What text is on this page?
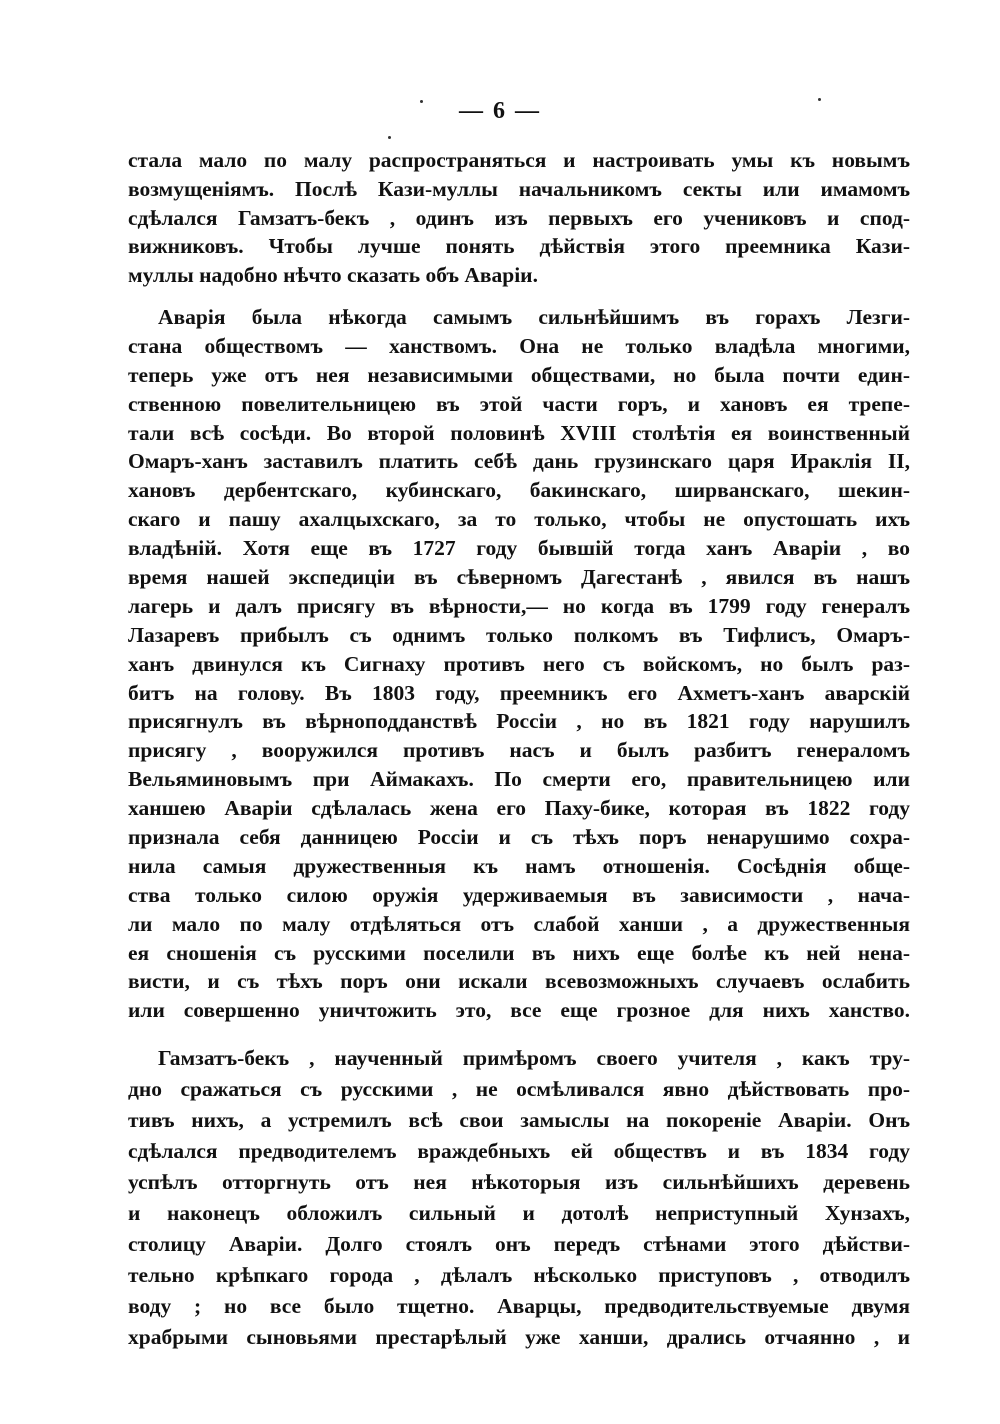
— 6 —
стала мало по малу распространяться и настроивать умы къ новымъ
возмущеніямъ. Послѣ Кази-муллы начальникомъ секты или имамомъ
сдѣлался Гамзатъ-бекъ , одинъ изъ первыхъ его учениковъ и спод-
вижниковъ. Чтобы лучше понять дѣйствія этого преемника Кази-
муллы надобно нѣчто сказать объ Аваріи.
Аварія была нѣкогда самымъ сильнѣйшимъ въ горахъ Лезги-
стана обществомъ — ханствомъ. Она не только владѣла многими,
теперь уже отъ нея независимыми обществами, но была почти един-
ственною повелительницею въ этой части горъ, и хановъ ея трепе-
тали всѣ сосѣди. Во второй половинѣ XVIII столѣтія ея воинственный
Омаръ-ханъ заставилъ платить себѣ дань грузинскаго царя Ираклія II,
хановъ дербентскаго, кубинскаго, бакинскаго, ширванскаго, шекин-
скаго и пашу ахалцыхскаго, за то только, чтобы не опустошать ихъ
владѣній. Хотя еще въ 1727 году бывшій тогда ханъ Аваріи , во
время нашей экспедиціи въ сѣверномъ Дагестанѣ , явился въ нашъ
лагерь и далъ присягу въ вѣрности,— но когда въ 1799 году генералъ
Лазаревъ прибылъ съ однимъ только полкомъ въ Тифлисъ, Омаръ-
ханъ двинулся къ Сигнаху противъ него съ войскомъ, но былъ раз-
битъ на голову. Въ 1803 году, преемникъ его Ахметъ-ханъ аварскій
присягнулъ въ вѣрноподданствѣ Россіи , но въ 1821 году нарушилъ
присягу , вооружился противъ насъ и былъ разбитъ генераломъ
Вельяминовымъ при Аймакахъ. По смерти его, правительницею или
ханшею Аваріи сдѣлалась жена его Паху-бике, которая въ 1822 году
признала себя данницею Россіи и съ тѣхъ поръ ненарушимо сохра-
нила самыя дружественныя къ намъ отношенія. Сосѣднія обще-
ства только силою оружія удерживаемыя въ зависимости , нача-
ли мало по малу отдѣляться отъ слабой ханши , а дружественныя
ея сношенія съ русскими поселили въ нихъ еще болѣе къ ней нена-
висти, и съ тѣхъ поръ они искали всевозможныхъ случаевъ ослабить
или совершенно уничтожить это, все еще грозное для нихъ ханство.
Гамзатъ-бекъ , наученный примѣромъ своего учителя , какъ тру-
дно сражаться съ русскими , не осмѣливался явно дѣйствовать про-
тивъ нихъ, а устремилъ всѣ свои замыслы на покореніе Аваріи. Онъ
сдѣлался предводителемъ враждебныхъ ей обществъ и въ 1834 году
успѣлъ отторгнуть отъ нея нѣкоторыя изъ сильнѣйшихъ деревень
и наконецъ обложилъ сильный и дотолѣ неприступный Хунзахъ,
столицу Аваріи. Долго стоялъ онъ передъ стѣнами этого дѣйстви-
тельно крѣпкаго города , дѣлалъ нѣсколько приступовъ , отводилъ
воду ; но все было тщетно. Аварцы, предводительствуемые двумя
храбрыми сыновьями престарѣлый уже ханши, дрались отчаянно , и
